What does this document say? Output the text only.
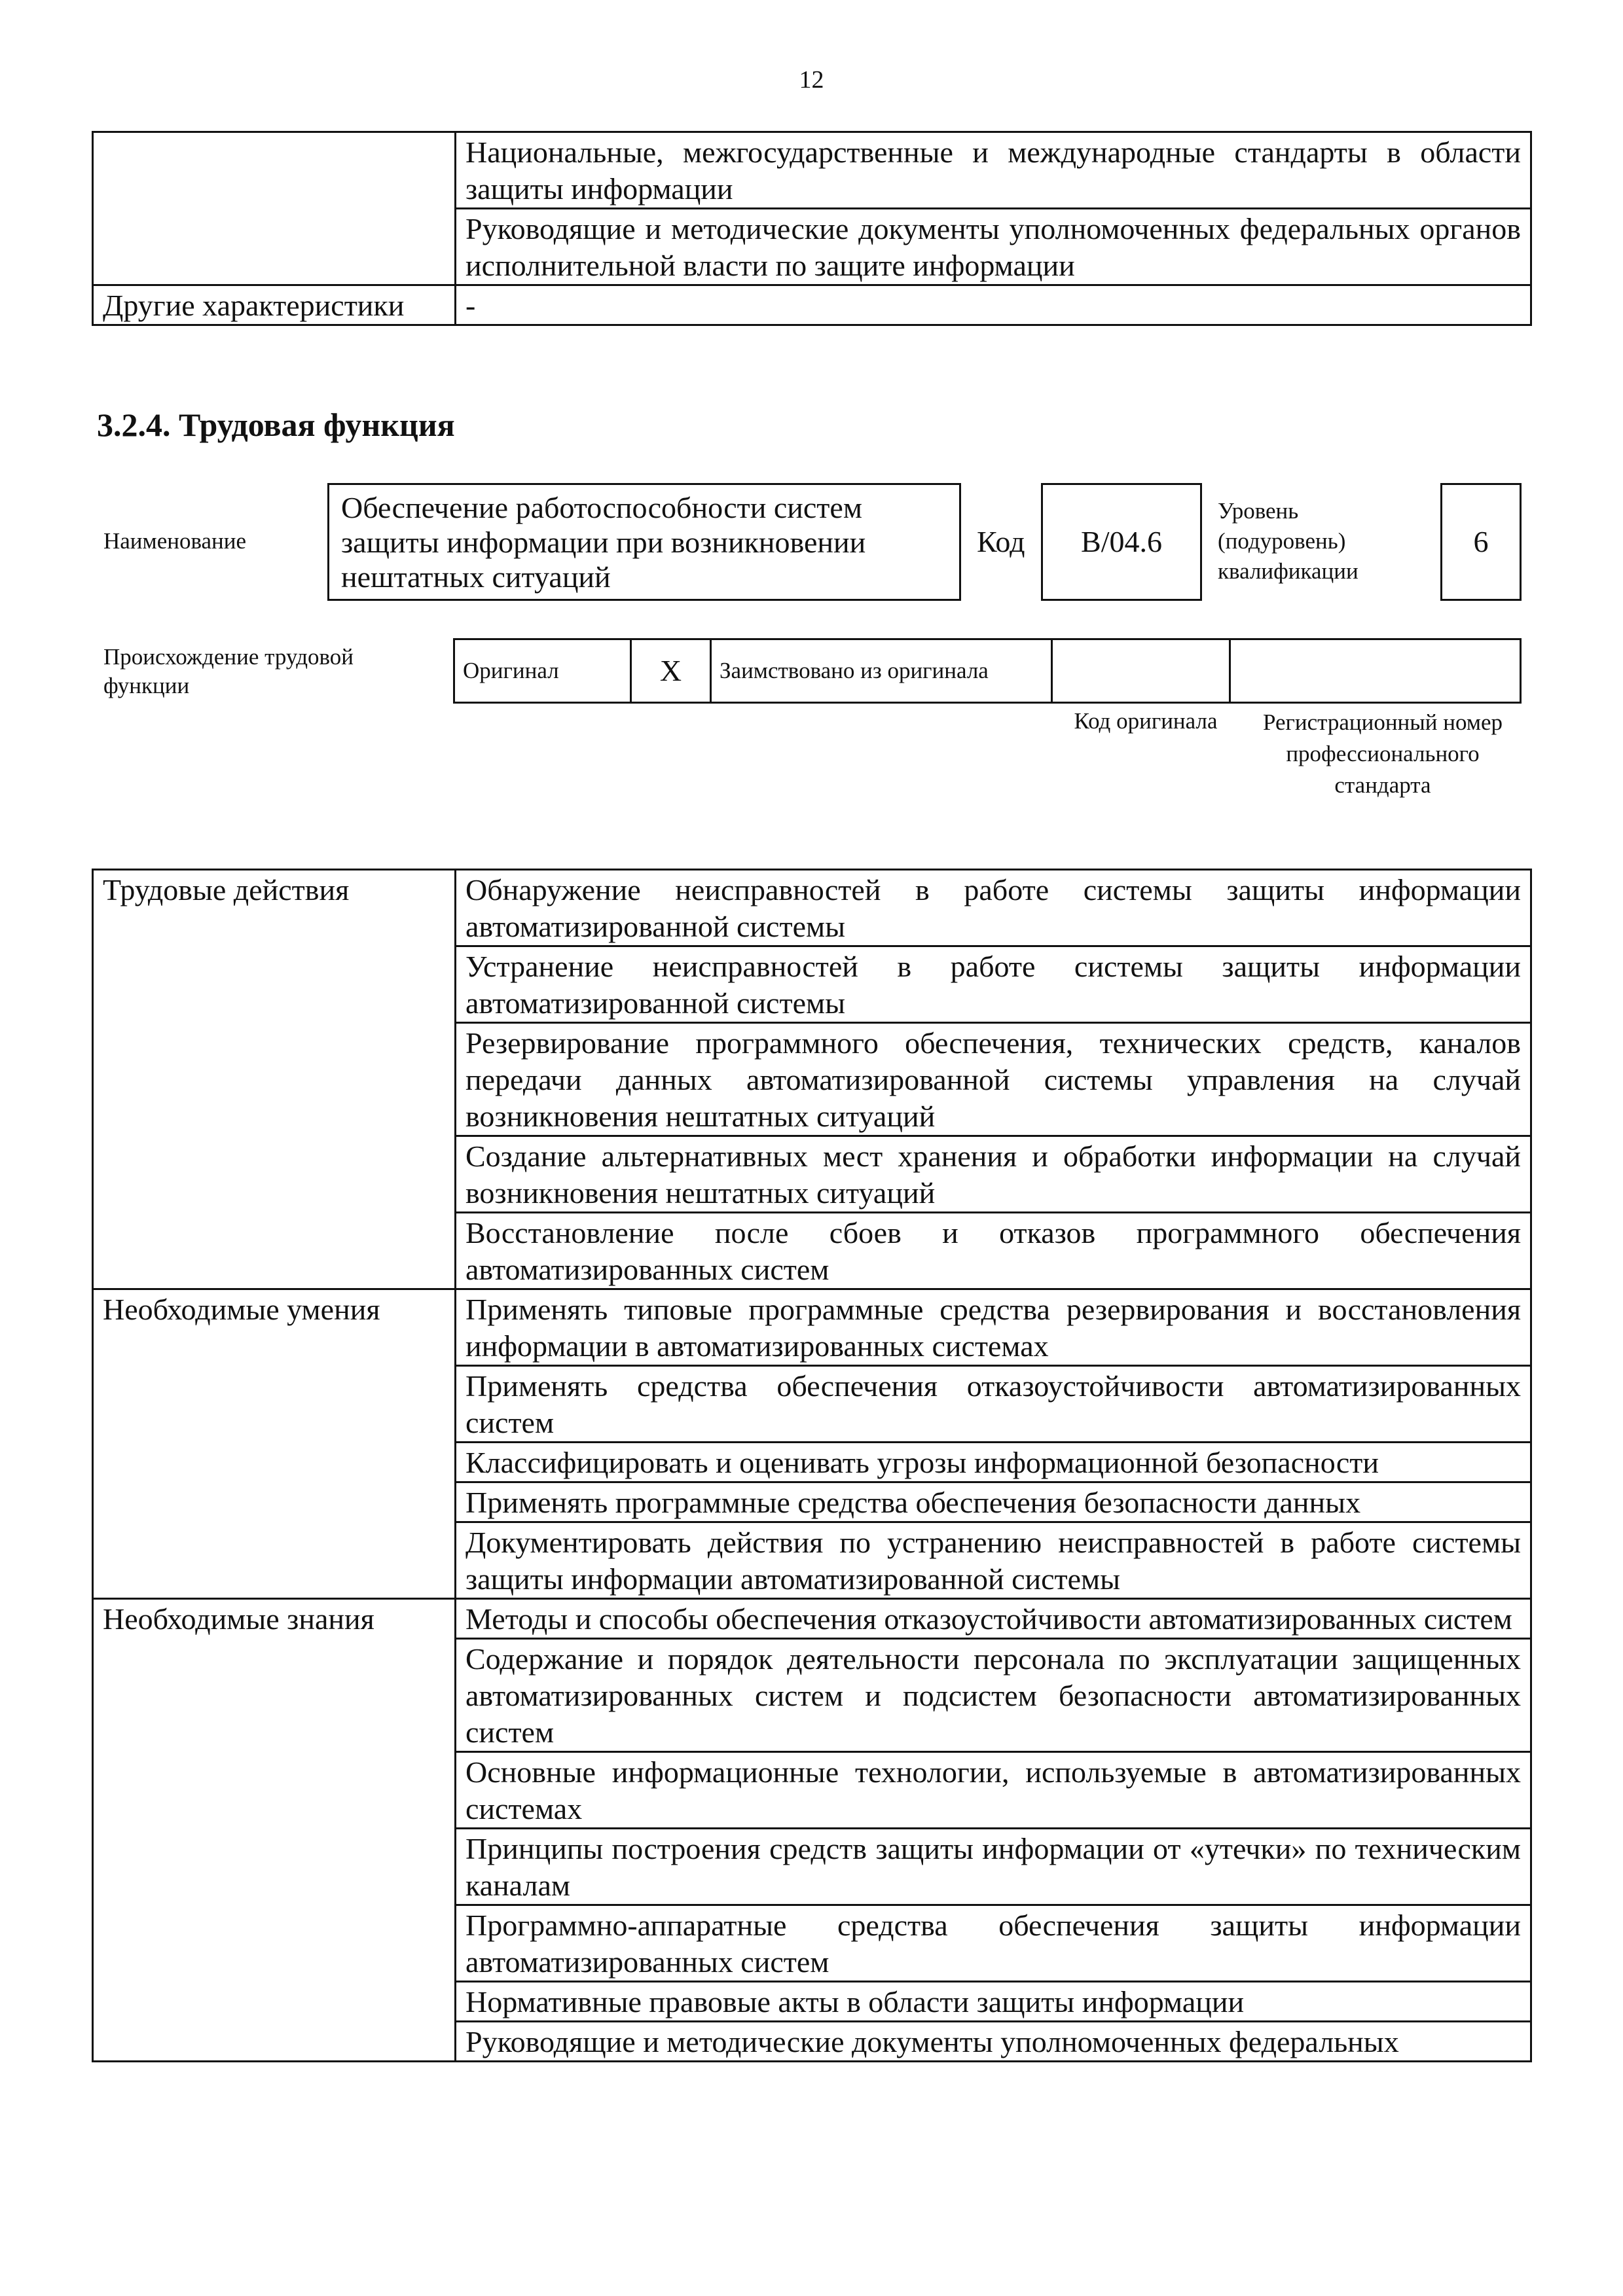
12
	Национальные, межгосударственные и международные стандарты в области защиты информации
	Руководящие и методические документы уполномоченных федеральных органов исполнительной власти по защите информации
Другие характеристики	-
3.2.4. Трудовая функция
Наименование
Обеспечение работоспособности систем защиты информации при возникновении нештатных ситуаций
Код B/04.6
Уровень (подуровень) квалификации
6
Происхождение трудовой функции
Оригинал	X	Заимствовано из оригинала		
Код оригинала	Регистрационный номер профессионального стандарта
Трудовые действия	Обнаружение неисправностей в работе системы защиты информации автоматизированной системы
	Устранение неисправностей в работе системы защиты информации автоматизированной системы
	Резервирование программного обеспечения, технических средств, каналов передачи данных автоматизированной системы управления на случай возникновения нештатных ситуаций
	Создание альтернативных мест хранения и обработки информации на случай возникновения нештатных ситуаций
	Восстановление после сбоев и отказов программного обеспечения автоматизированных систем
Необходимые умения	Применять типовые программные средства резервирования и восстановления информации в автоматизированных системах
	Применять средства обеспечения отказоустойчивости автоматизированных систем
	Классифицировать и оценивать угрозы информационной безопасности
	Применять программные средства обеспечения безопасности данных
	Документировать действия по устранению неисправностей в работе системы защиты информации автоматизированной системы
Необходимые знания	Методы и способы обеспечения отказоустойчивости автоматизированных систем
	Содержание и порядок деятельности персонала по эксплуатации защищенных автоматизированных систем и подсистем безопасности автоматизированных систем
	Основные информационные технологии, используемые в автоматизированных системах
	Принципы построения средств защиты информации от «утечки» по техническим каналам
	Программно-аппаратные средства обеспечения защиты информации автоматизированных систем
	Нормативные правовые акты в области защиты информации
	Руководящие и методические документы уполномоченных федеральных
